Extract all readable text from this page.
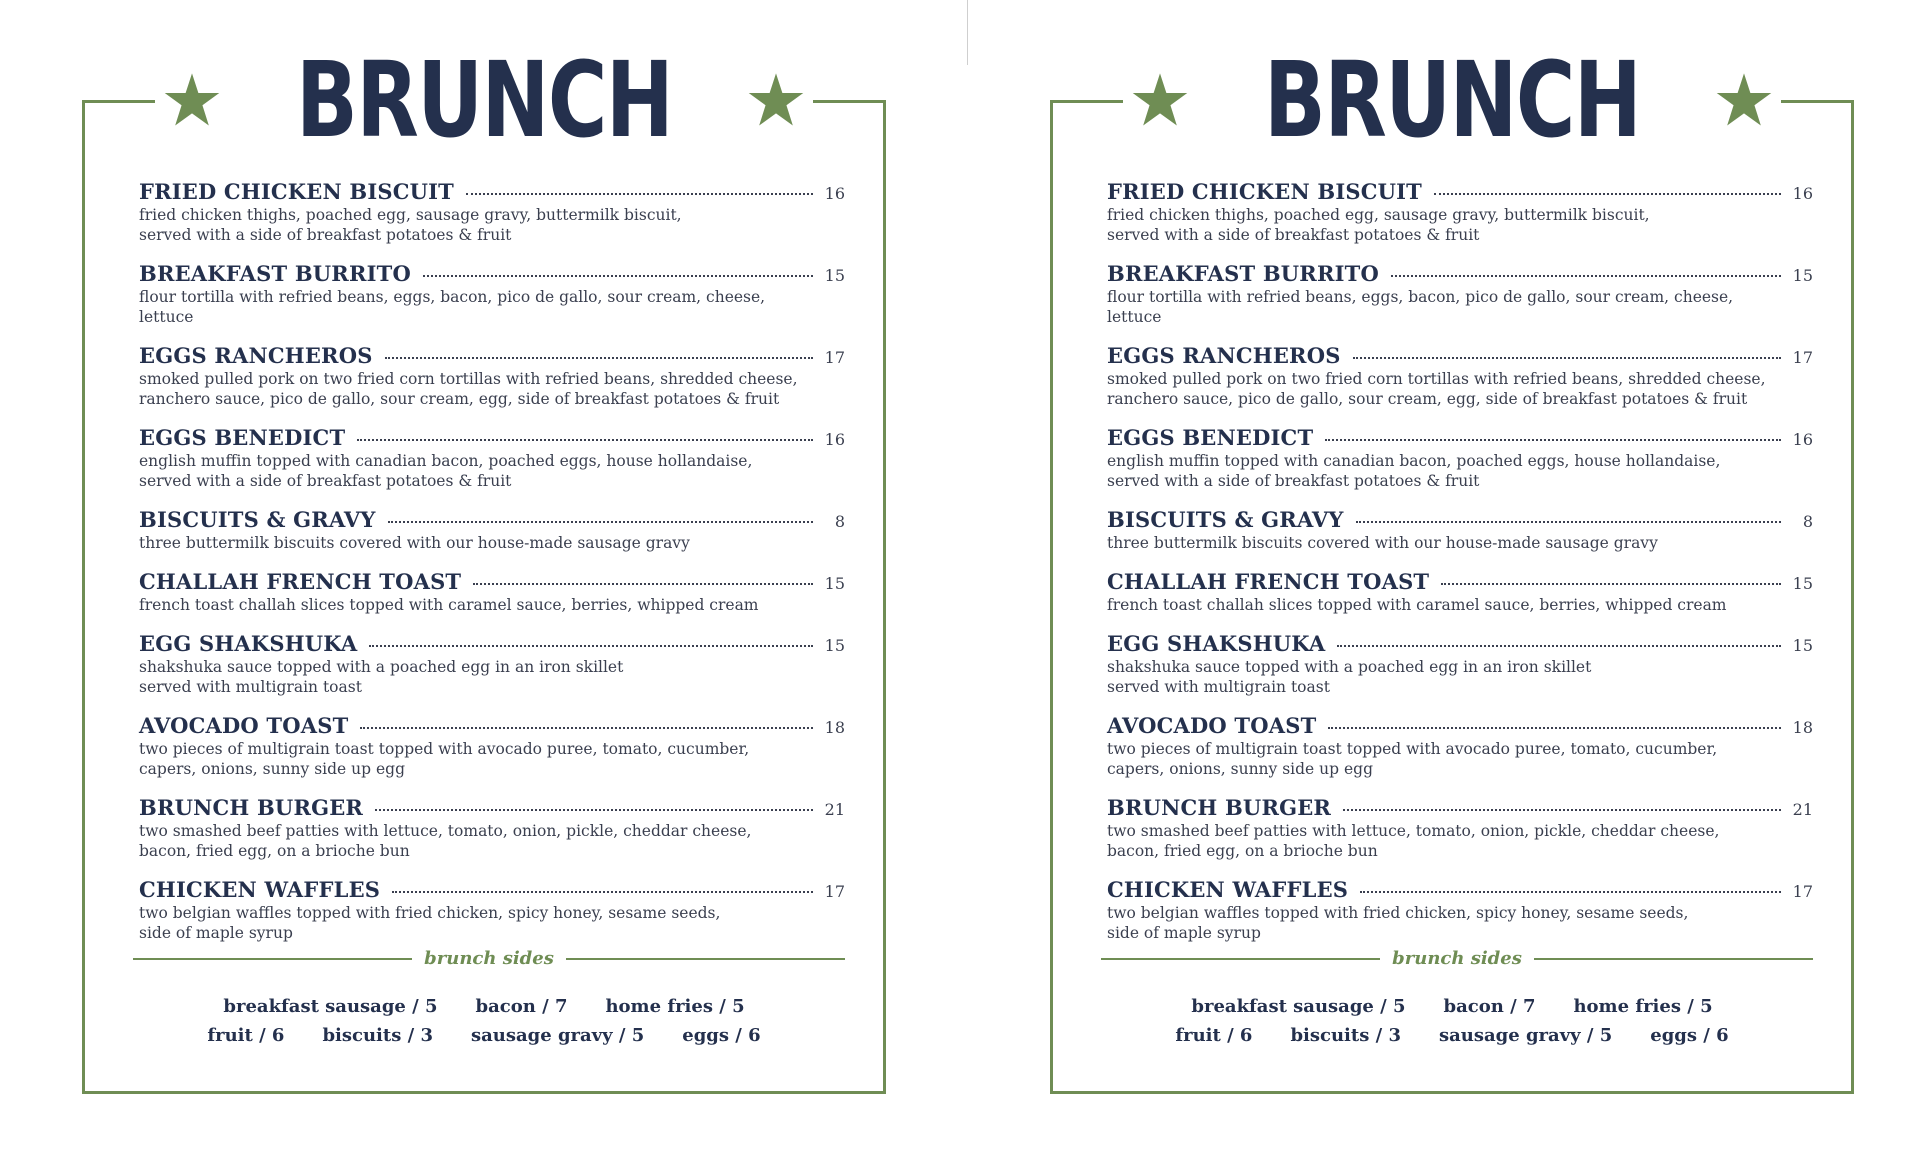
BRUNCH
FRIED CHICKEN BISCUIT	16
fried chicken thighs, poached egg, sausage gravy, buttermilk biscuit,
served with a side of breakfast potatoes & fruit
BREAKFAST BURRITO	15
flour tortilla with refried beans, eggs, bacon, pico de gallo, sour cream, cheese, lettuce
EGGS RANCHEROS	17
smoked pulled pork on two fried corn tortillas with refried beans, shredded cheese,
ranchero sauce, pico de gallo, sour cream, egg, side of breakfast potatoes & fruit
EGGS BENEDICT	16
english muffin topped with canadian bacon, poached eggs, house hollandaise,
served with a side of breakfast potatoes & fruit
BISCUITS & GRAVY	8
three buttermilk biscuits covered with our house-made sausage gravy
CHALLAH FRENCH TOAST	15
french toast challah slices topped with caramel sauce, berries, whipped cream
EGG SHAKSHUKA	15
shakshuka sauce topped with a poached egg in an iron skillet
served with multigrain toast
AVOCADO TOAST	18
two pieces of multigrain toast topped with avocado puree, tomato, cucumber,
capers, onions, sunny side up egg
BRUNCH BURGER	21
two smashed beef patties with lettuce, tomato, onion, pickle, cheddar cheese,
bacon, fried egg, on a brioche bun
CHICKEN WAFFLES	17
two belgian waffles topped with fried chicken, spicy honey, sesame seeds,
side of maple syrup
brunch sides
breakfast sausage / 5 bacon / 7 home fries / 5
fruit / 6 biscuits / 3 sausage gravy / 5 eggs / 6
BRUNCH
FRIED CHICKEN BISCUIT	16
fried chicken thighs, poached egg, sausage gravy, buttermilk biscuit,
served with a side of breakfast potatoes & fruit
BREAKFAST BURRITO	15
flour tortilla with refried beans, eggs, bacon, pico de gallo, sour cream, cheese, lettuce
EGGS RANCHEROS	17
smoked pulled pork on two fried corn tortillas with refried beans, shredded cheese,
ranchero sauce, pico de gallo, sour cream, egg, side of breakfast potatoes & fruit
EGGS BENEDICT	16
english muffin topped with canadian bacon, poached eggs, house hollandaise,
served with a side of breakfast potatoes & fruit
BISCUITS & GRAVY	8
three buttermilk biscuits covered with our house-made sausage gravy
CHALLAH FRENCH TOAST	15
french toast challah slices topped with caramel sauce, berries, whipped cream
EGG SHAKSHUKA	15
shakshuka sauce topped with a poached egg in an iron skillet
served with multigrain toast
AVOCADO TOAST	18
two pieces of multigrain toast topped with avocado puree, tomato, cucumber,
capers, onions, sunny side up egg
BRUNCH BURGER	21
two smashed beef patties with lettuce, tomato, onion, pickle, cheddar cheese,
bacon, fried egg, on a brioche bun
CHICKEN WAFFLES	17
two belgian waffles topped with fried chicken, spicy honey, sesame seeds,
side of maple syrup
brunch sides
breakfast sausage / 5 bacon / 7 home fries / 5
fruit / 6 biscuits / 3 sausage gravy / 5 eggs / 6
